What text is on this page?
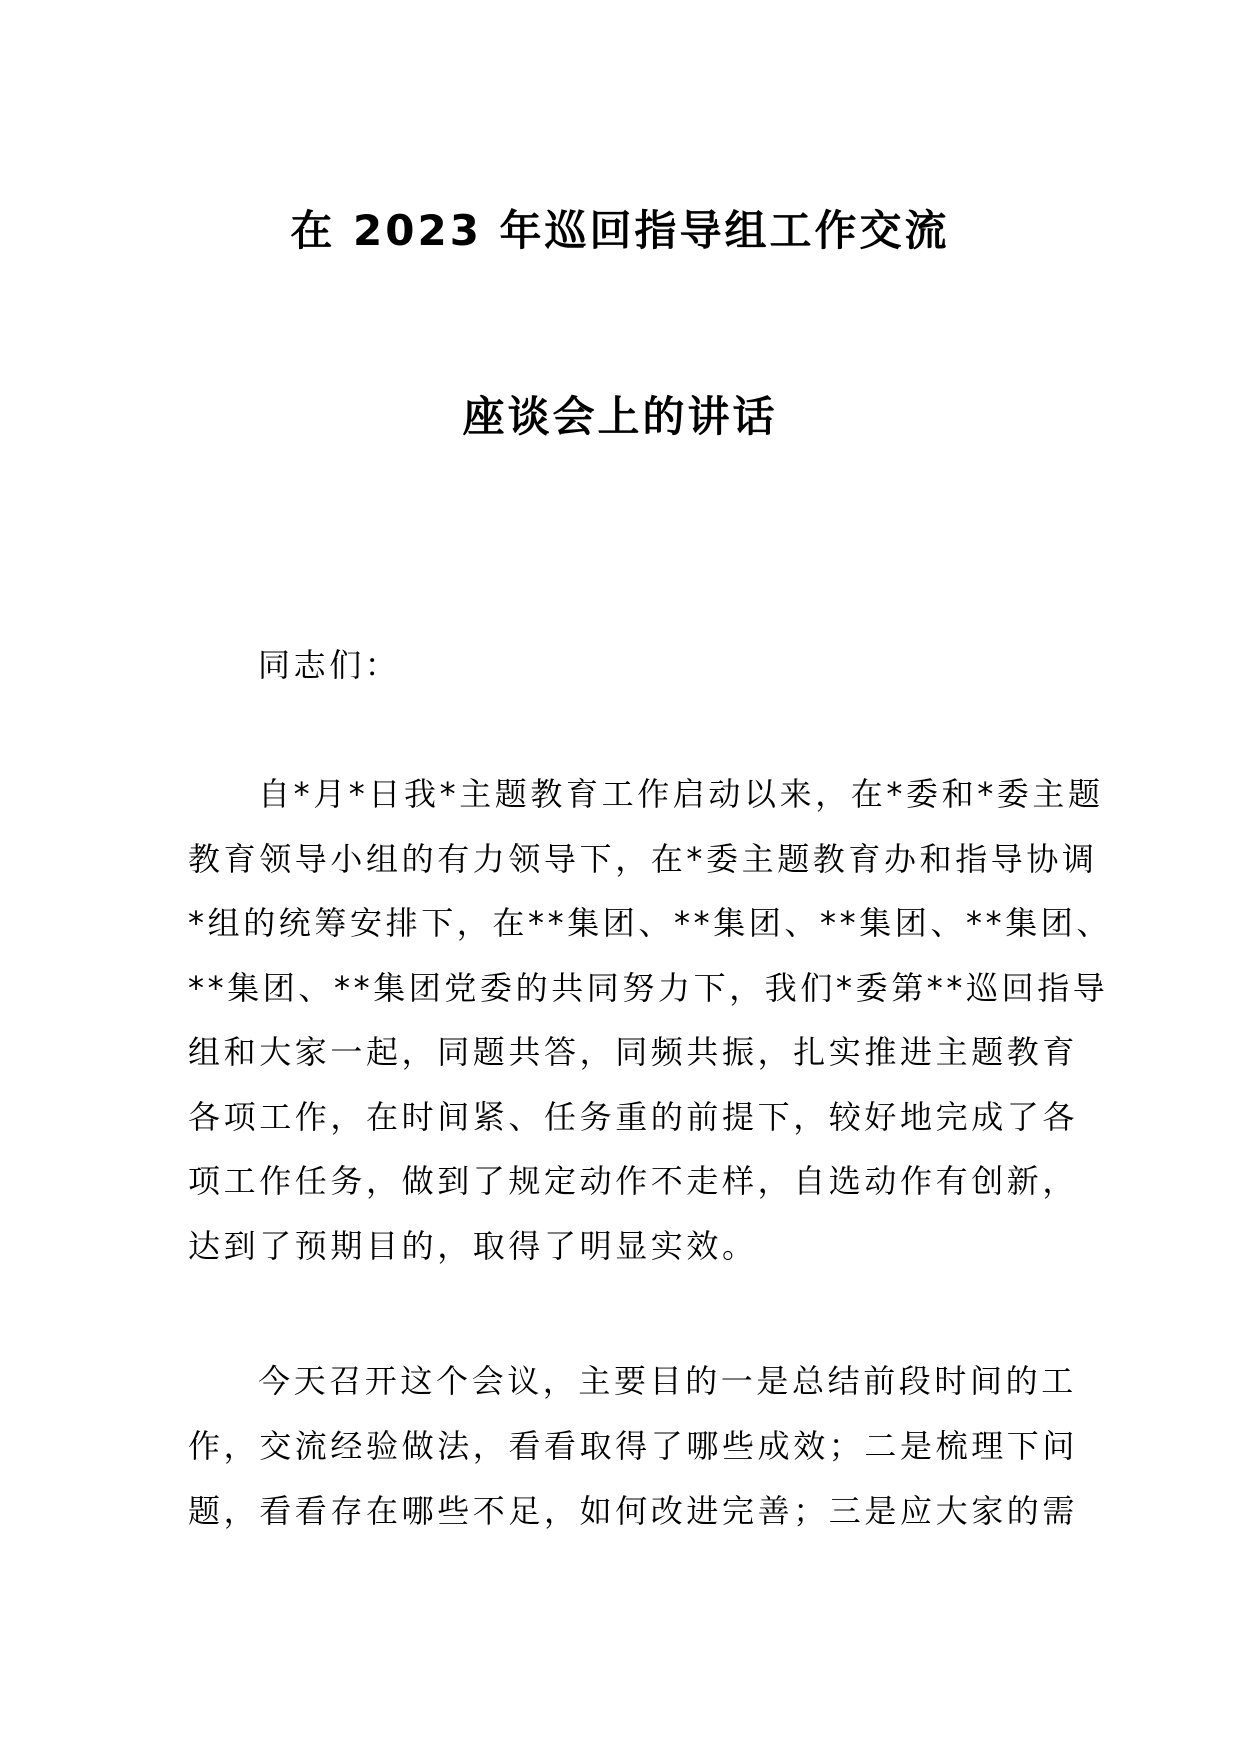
在 2023 年巡回指导组工作交流
座谈会上的讲话
同志们：
自*月*日我*主题教育工作启动以来，在*委和*委主题
教育领导小组的有力领导下，在*委主题教育办和指导协调
*组的统筹安排下，在**集团、**集团、**集团、**集团、
**集团、**集团党委的共同努力下，我们*委第**巡回指导
组和大家一起，同题共答，同频共振，扎实推进主题教育
各项工作，在时间紧、任务重的前提下，较好地完成了各
项工作任务，做到了规定动作不走样，自选动作有创新，
达到了预期目的，取得了明显实效。
今天召开这个会议，主要目的一是总结前段时间的工
作，交流经验做法，看看取得了哪些成效；二是梳理下问
题，看看存在哪些不足，如何改进完善；三是应大家的需
